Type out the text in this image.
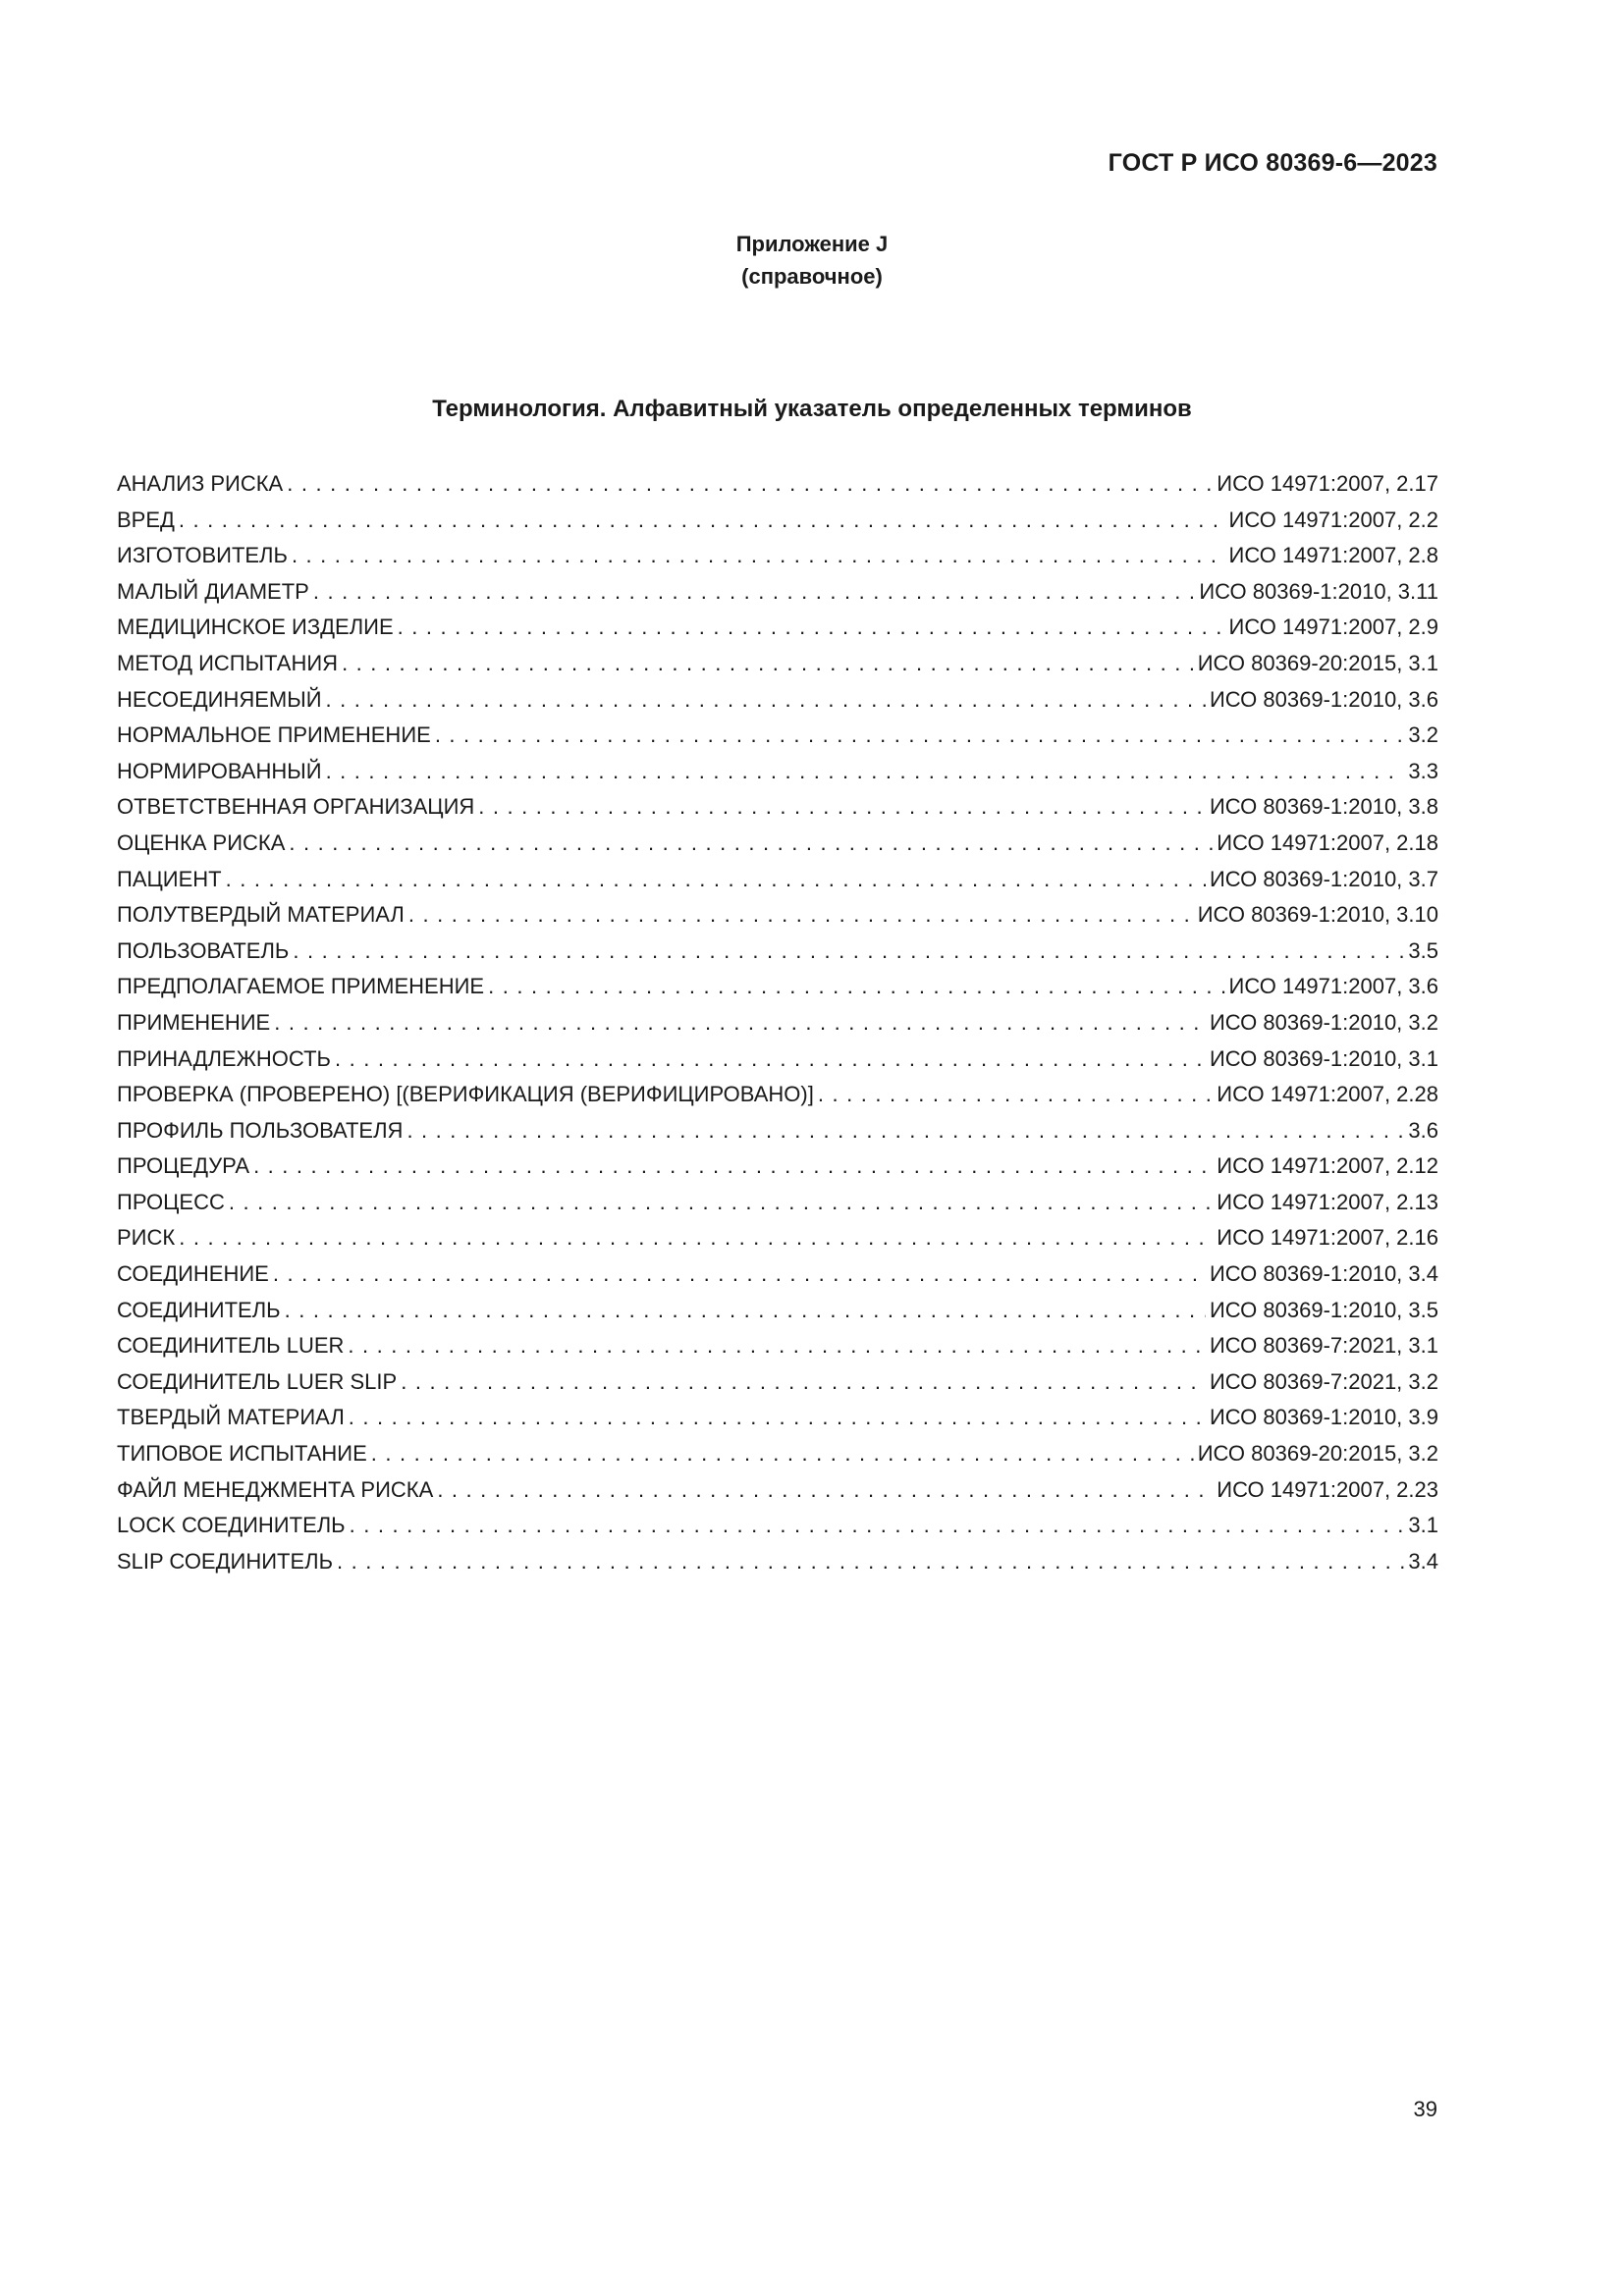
ГОСТ Р ИСО 80369-6—2023
Приложение J
(справочное)
Терминология. Алфавитный указатель определенных терминов
АНАЛИЗ РИСКА . . .	ИСО 14971:2007, 2.17
ВРЕД . . .	ИСО 14971:2007, 2.2
ИЗГОТОВИТЕЛЬ . . .	ИСО 14971:2007, 2.8
МАЛЫЙ ДИАМЕТР . . .	ИСО 80369-1:2010, 3.11
МЕДИЦИНСКОЕ ИЗДЕЛИЕ . . .	ИСО 14971:2007, 2.9
МЕТОД ИСПЫТАНИЯ . . .	ИСО 80369-20:2015, 3.1
НЕСОЕДИНЯЕМЫЙ . . .	ИСО 80369-1:2010, 3.6
НОРМАЛЬНОЕ ПРИМЕНЕНИЕ . . .	3.2
НОРМИРОВАННЫЙ . . .	3.3
ОТВЕТСТВЕННАЯ ОРГАНИЗАЦИЯ . . .	ИСО 80369-1:2010, 3.8
ОЦЕНКА РИСКА . . .	ИСО 14971:2007, 2.18
ПАЦИЕНТ . . .	ИСО 80369-1:2010, 3.7
ПОЛУТВЕРДЫЙ МАТЕРИАЛ . . .	ИСО 80369-1:2010, 3.10
ПОЛЬЗОВАТЕЛЬ . . .	3.5
ПРЕДПОЛАГАЕМОЕ ПРИМЕНЕНИЕ . . .	ИСО 14971:2007, 3.6
ПРИМЕНЕНИЕ . . .	ИСО 80369-1:2010, 3.2
ПРИНАДЛЕЖНОСТЬ . . .	ИСО 80369-1:2010, 3.1
ПРОВЕРКА (ПРОВЕРЕНО) [(ВЕРИФИКАЦИЯ (ВЕРИФИЦИРОВАНО)] . . .	ИСО 14971:2007, 2.28
ПРОФИЛЬ ПОЛЬЗОВАТЕЛЯ . . .	3.6
ПРОЦЕДУРА . . .	ИСО 14971:2007, 2.12
ПРОЦЕСС . . .	ИСО 14971:2007, 2.13
РИСК . . .	ИСО 14971:2007, 2.16
СОЕДИНЕНИЕ . . .	ИСО 80369-1:2010, 3.4
СОЕДИНИТЕЛЬ . . .	ИСО 80369-1:2010, 3.5
СОЕДИНИТЕЛЬ LUER . . .	ИСО 80369-7:2021, 3.1
СОЕДИНИТЕЛЬ LUER SLIP . . .	ИСО 80369-7:2021, 3.2
ТВЕРДЫЙ МАТЕРИАЛ . . .	ИСО 80369-1:2010, 3.9
ТИПОВОЕ ИСПЫТАНИЕ . . .	ИСО 80369-20:2015, 3.2
ФАЙЛ МЕНЕДЖМЕНТА РИСКА . . .	ИСО 14971:2007, 2.23
LOCK СОЕДИНИТЕЛЬ . . .	3.1
SLIP СОЕДИНИТЕЛЬ . . .	3.4
39
